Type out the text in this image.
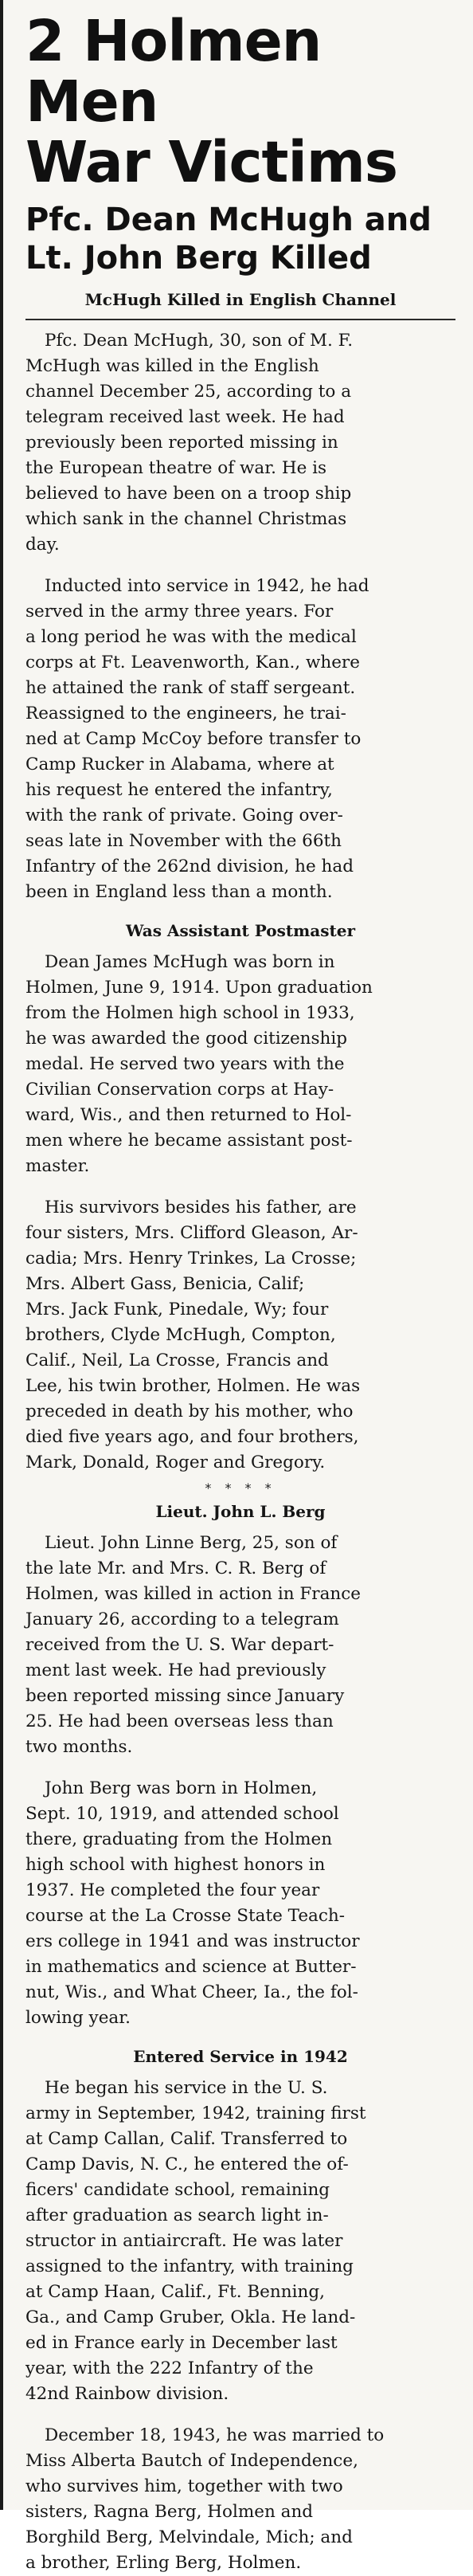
2 Holmen Men
War Victims
Pfc. Dean McHugh and
Lt. John Berg Killed
McHugh Killed in English Channel

Pfc. Dean McHugh, 30, son of M. F.
McHugh was killed in the English
channel December 25, according to a
telegram received last week. He had
previously been reported missing in
the European theatre of war. He is
believed to have been on a troop ship
which sank in the channel Christmas
day.

Inducted into service in 1942, he had
served in the army three years. For
a long period he was with the medical
corps at Ft. Leavenworth, Kan., where
he attained the rank of staff sergeant.
Reassigned to the engineers, he trai-
ned at Camp McCoy before transfer to
Camp Rucker in Alabama, where at
his request he entered the infantry,
with the rank of private. Going over-
seas late in November with the 66th
Infantry of the 262nd division, he had
been in England less than a month.

Was Assistant Postmaster

Dean James McHugh was born in
Holmen, June 9, 1914. Upon graduation
from the Holmen high school in 1933,
he was awarded the good citizenship
medal. He served two years with the
Civilian Conservation corps at Hay-
ward, Wis., and then returned to Hol-
men where he became assistant post-
master.

His survivors besides his father, are
four sisters, Mrs. Clifford Gleason, Ar-
cadia; Mrs. Henry Trinkes, La Crosse;
Mrs. Albert Gass, Benicia, Calif;
Mrs. Jack Funk, Pinedale, Wy; four
brothers, Clyde McHugh, Compton,
Calif., Neil, La Crosse, Francis and
Lee, his twin brother, Holmen. He was
preceded in death by his mother, who
died five years ago, and four brothers,
Mark, Donald, Roger and Gregory.

* * * *
Lieut. John L. Berg

Lieut. John Linne Berg, 25, son of
the late Mr. and Mrs. C. R. Berg of
Holmen, was killed in action in France
January 26, according to a telegram
received from the U. S. War depart-
ment last week. He had previously
been reported missing since January
25. He had been overseas less than
two months.

John Berg was born in Holmen,
Sept. 10, 1919, and attended school
there, graduating from the Holmen
high school with highest honors in
1937. He completed the four year
course at the La Crosse State Teach-
ers college in 1941 and was instructor
in mathematics and science at Butter-
nut, Wis., and What Cheer, Ia., the fol-
lowing year.

Entered Service in 1942

He began his service in the U. S.
army in September, 1942, training first
at Camp Callan, Calif. Transferred to
Camp Davis, N. C., he entered the of-
ficers' candidate school, remaining
after graduation as search light in-
structor in antiaircraft. He was later
assigned to the infantry, with training
at Camp Haan, Calif., Ft. Benning,
Ga., and Camp Gruber, Okla. He land-
ed in France early in December last
year, with the 222 Infantry of the
42nd Rainbow division.

December 18, 1943, he was married to
Miss Alberta Bautch of Independence,
who survives him, together with two
sisters, Ragna Berg, Holmen and
Borghild Berg, Melvindale, Mich; and
a brother, Erling Berg, Holmen.
